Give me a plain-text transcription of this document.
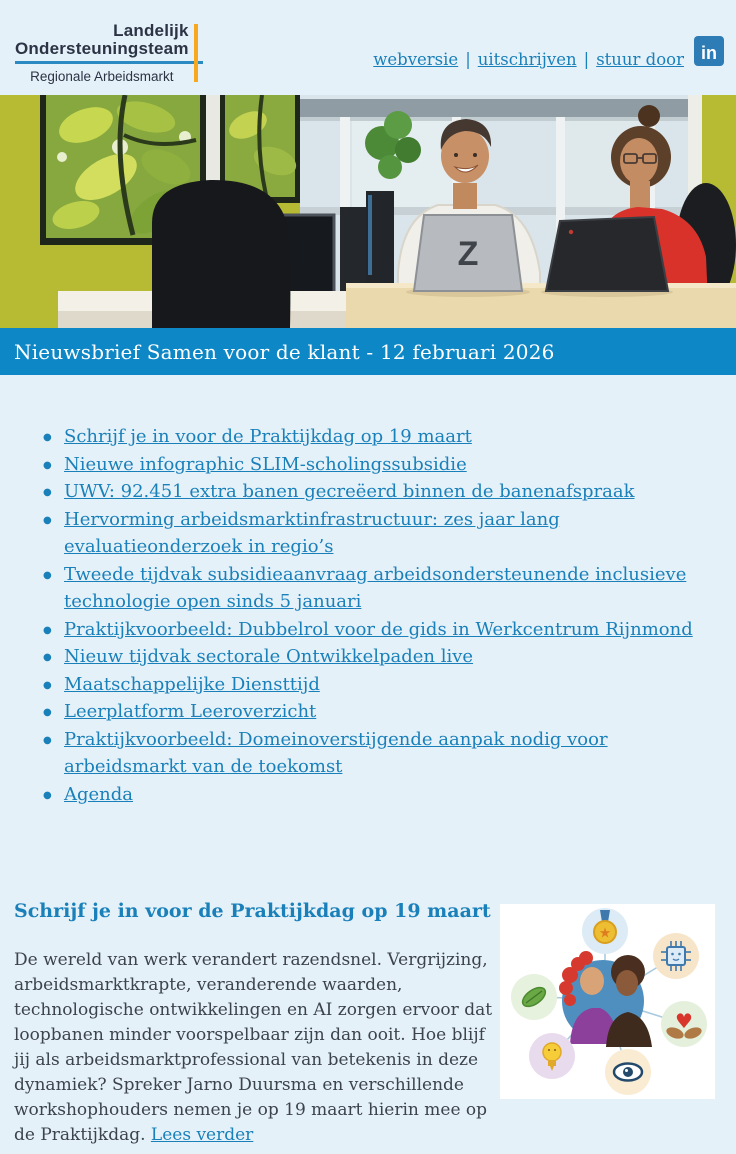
Landelijk
Ondersteuningsteam
Regionale Arbeidsmarkt
webversie | uitschrijven | stuur door in
Z
Nieuwsbrief Samen voor de klant - 12 februari 2026
● Schrijf je in voor de Praktijkdag op 19 maart
● Nieuwe infographic SLIM-scholingssubsidie
● UWV: 92.451 extra banen gecreëerd binnen de banenafspraak
● Hervorming arbeidsmarktinfrastructuur: zes jaar lang evaluatieonderzoek in regio’s
● Tweede tijdvak subsidieaanvraag arbeidsondersteunende inclusieve technologie open sinds 5 januari
● Praktijkvoorbeeld: Dubbelrol voor de gids in Werkcentrum Rijnmond
● Nieuw tijdvak sectorale Ontwikkelpaden live
● Maatschappelijke Diensttijd
● Leerplatform Leeroverzicht
● Praktijkvoorbeeld: Domeinoverstijgende aanpak nodig voor arbeidsmarkt van de toekomst
● Agenda
Schrijf je in voor de Praktijkdag op 19 maart

De wereld van werk verandert razendsnel. Vergrijzing, arbeidsmarktkrapte, veranderende waarden, technologische ontwikkelingen en AI zorgen ervoor dat loopbanen minder voorspelbaar zijn dan ooit. Hoe blijf jij als arbeidsmarktprofessional van betekenis in deze dynamiek? Spreker Jarno Duursma en verschillende workshophouders nemen je op 19 maart hierin mee op de Praktijkdag. Lees verder

★
♥
